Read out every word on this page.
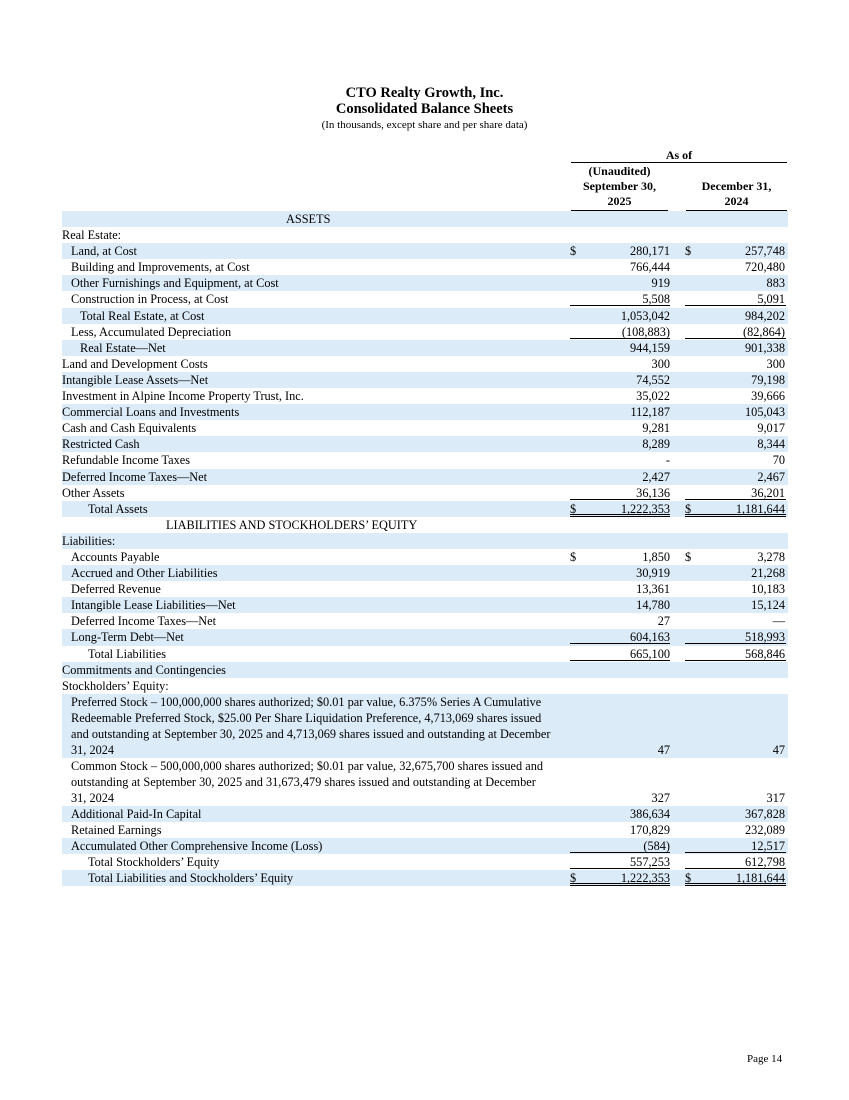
CTO Realty Growth, Inc.
Consolidated Balance Sheets
(In thousands, except share and per share data)
As of
(Unaudited)
September 30,
2025
December 31,
2024
ASSETS
Real Estate:
Land, at Cost	$	280,171 $	257,748
Building and Improvements, at Cost	766,444	720,480
Other Furnishings and Equipment, at Cost	919	883
Construction in Process, at Cost	5,508	5,091
Total Real Estate, at Cost	1,053,042	984,202
Less, Accumulated Depreciation	(108,883)	(82,864)
Real Estate—Net	944,159	901,338
Land and Development Costs	300	300
Intangible Lease Assets—Net	74,552	79,198
Investment in Alpine Income Property Trust, Inc.	35,022	39,666
Commercial Loans and Investments	112,187	105,043
Cash and Cash Equivalents	9,281	9,017
Restricted Cash	8,289	8,344
Refundable Income Taxes	-	70
Deferred Income Taxes—Net	2,427	2,467
Other Assets	36,136	36,201
Total Assets	$	1,222,353 $	1,181,644
LIABILITIES AND STOCKHOLDERS’ EQUITY
Liabilities:
Accounts Payable	$	1,850 $	3,278
Accrued and Other Liabilities	30,919	21,268
Deferred Revenue	13,361	10,183
Intangible Lease Liabilities—Net	14,780	15,124
Deferred Income Taxes—Net	27	—
Long-Term Debt—Net	604,163	518,993
Total Liabilities	665,100	568,846
Commitments and Contingencies
Stockholders’ Equity:
Preferred Stock – 100,000,000 shares authorized; $0.01 par value, 6.375% Series A Cumulative Redeemable Preferred Stock, $25.00 Per Share Liquidation Preference, 4,713,069 shares issued and outstanding at September 30, 2025 and 4,713,069 shares issued and outstanding at December 31, 2024	47	47
Common Stock – 500,000,000 shares authorized; $0.01 par value, 32,675,700 shares issued and outstanding at September 30, 2025 and 31,673,479 shares issued and outstanding at December 31, 2024	327	317
Additional Paid-In Capital	386,634	367,828
Retained Earnings	170,829	232,089
Accumulated Other Comprehensive Income (Loss)	(584)	12,517
Total Stockholders’ Equity	557,253	612,798
Total Liabilities and Stockholders’ Equity	$	1,222,353 $	1,181,644
Page 14
